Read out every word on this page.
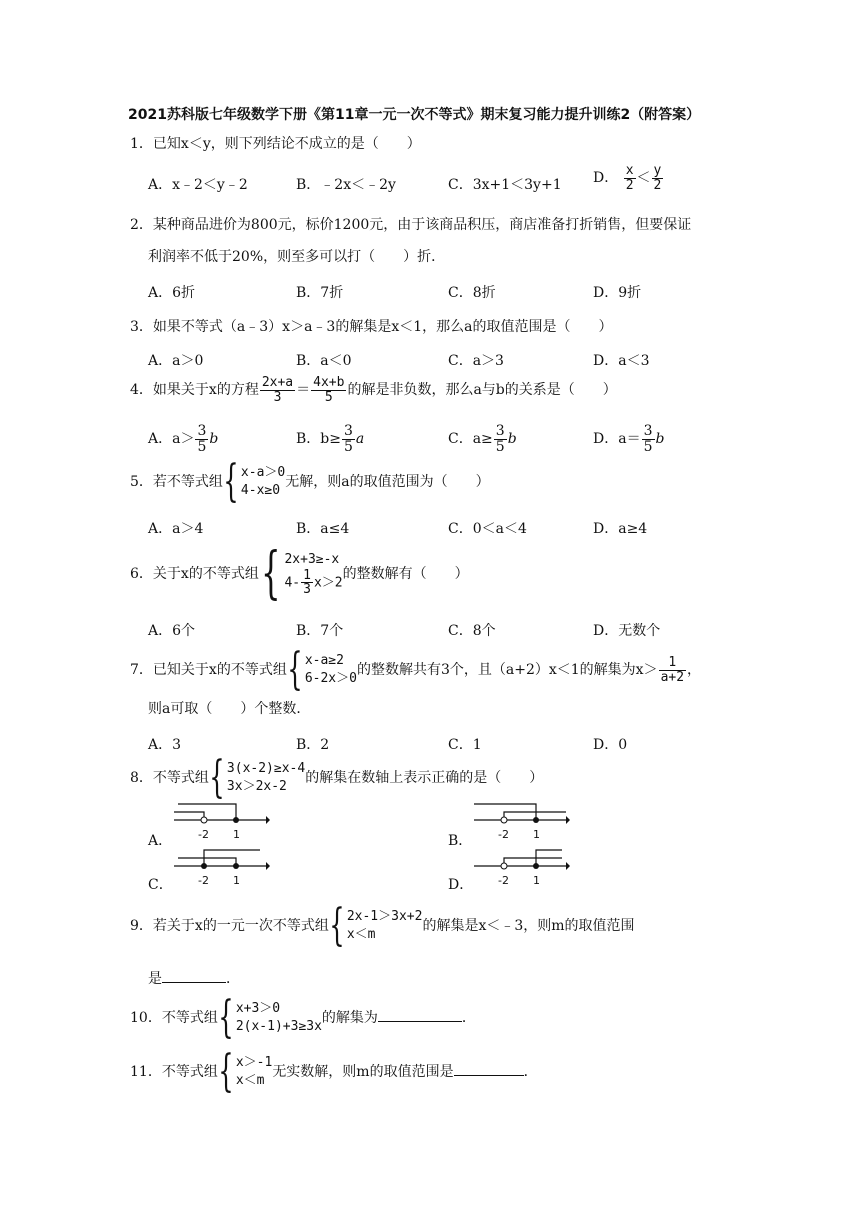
2021苏科版七年级数学下册《第11章一元一次不等式》期末复习能力提升训练2（附答案）
1．已知x＜y，则下列结论不成立的是（　　）
A．x﹣2＜y﹣2	B．﹣2x＜﹣2y	C．3x+1＜3y+1 D． $\frac{x}{2} < \frac{y}{2}$
2．某种商品进价为800元，标价1200元，由于该商品积压，商店准备打折销售，但要保证
利润率不低于20%，则至多可以打（　　）折．
A．6折	B．7折	C．8折	D．9折
3．如果不等式（a﹣3）x＞a﹣3的解集是x＜1，那么a的取值范围是（　　）
A．a＞0	B．a＜0	C．a＞3	D．a＜3
4．如果关于x的方程 $\frac{2x+a}{3} = \frac{4x+b}{5}$ 的解是非负数，那么a与b的关系是（　　）
A．$a> \frac{3}{5}$ b	B．$b\ge \frac{3}{5}$ a	C．$a\ge \frac{3}{5}$ b	D．$a= \frac{3}{5}$ b
5．若不等式组 { x-a＞0
4-x≥0
无解，则a的取值范围为（　　）
A．a＞4	B．a≤4	C．0＜a＜4	D．a≥4
6．关于x的不等式组 { 2x+3≥-x
$4- \frac{1}{3} x>2$
的整数解有（　　）
A．6个	B．7个	C．8个	D．无数个
7．已知关于x的不等式组 { x-a≥2
6-2x＞0
的整数解共有3个，且（a+2）x＜1的解集为$x> \frac{1}{a+2}$ ，
则a可取（　　）个整数．
A．3	B．2	C．1	D．0
8．不等式组 { 3(x-2)≥x-4
3x＞2x-2
的解集在数轴上表示正确的是（　　）
A． -2 1	B． -2 1
C． -2 1	D． -2 1
9．若关于x的一元一次不等式组 { 2x-1＞3x+2
x＜m
的解集是x＜﹣3，则m的取值范围
是	．
10．不等式组 { x+3＞0
2(x-1)+3≥3x
的解集为	．
11．不等式组 { x＞-1
x＜m
无实数解，则m的取值范围是	．
